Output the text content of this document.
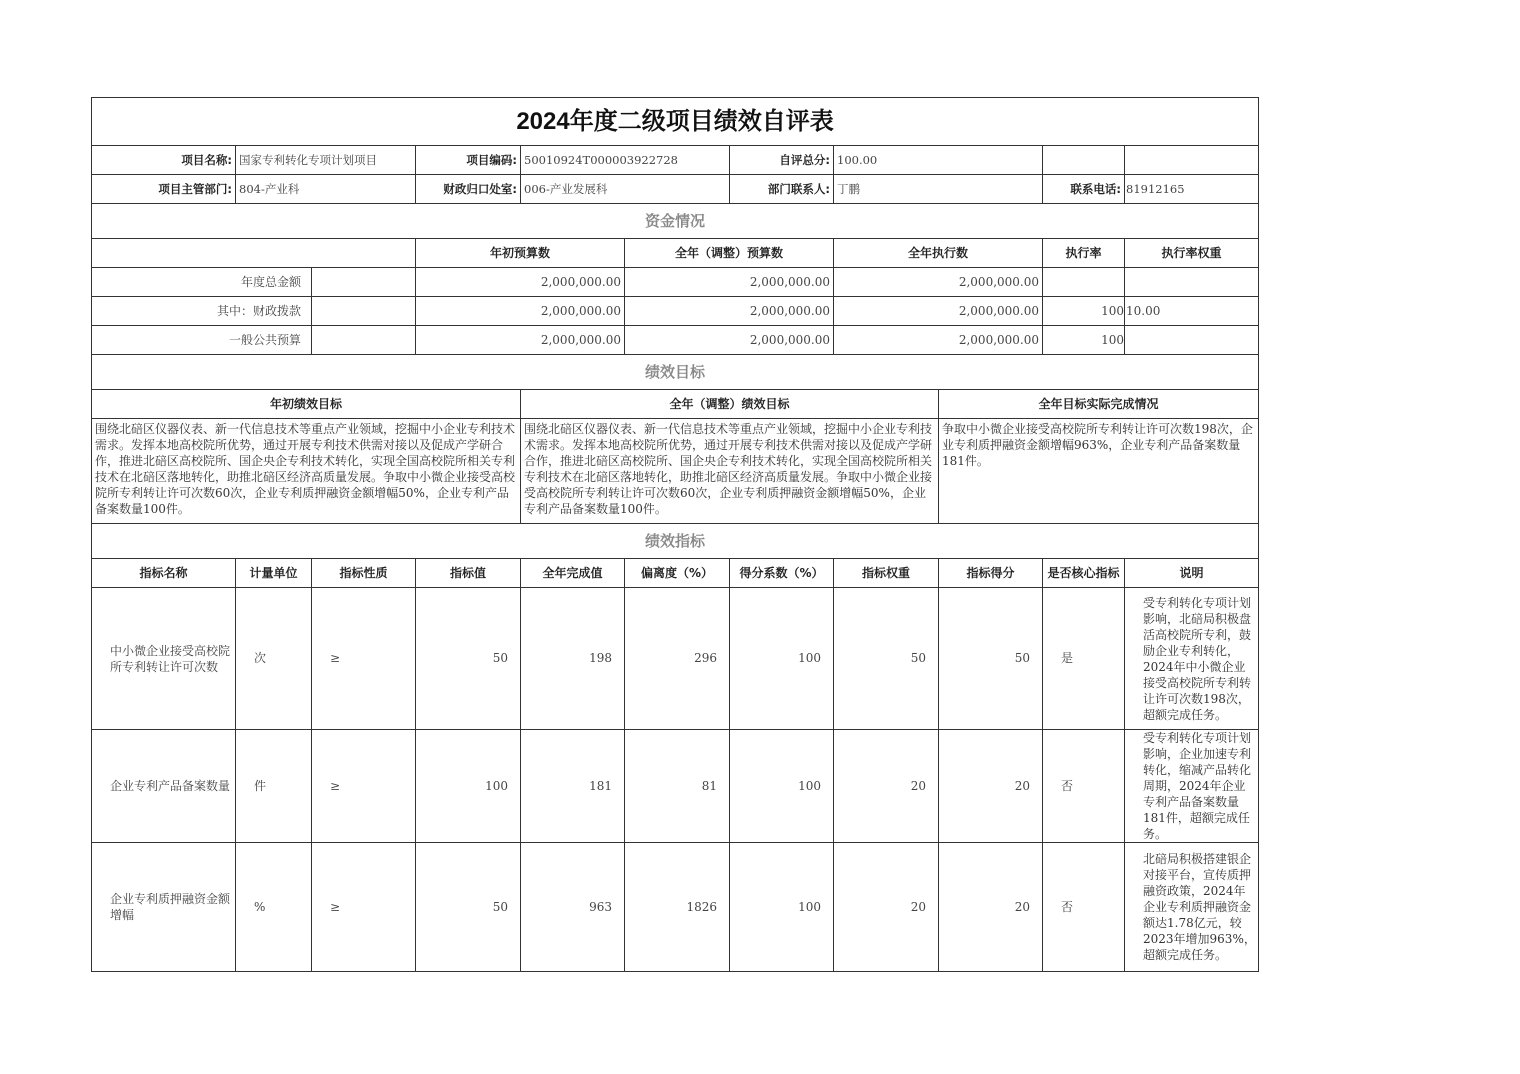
2024年度二级项目绩效自评表											
项目名称:	国家专利转化专项计划项目		项目编码:	50010924T000003922728		自评总分:	100.00				
项目主管部门:	804-产业科		财政归口处室:	006-产业发展科		部门联系人:	丁鹏		联系电话:	81912165	
资金情况											
			年初预算数		全年（调整）预算数		全年执行数		执行率	执行率权重	
年度总金额			2,000,000.00		2,000,000.00		2,000,000.00				
其中：财政拨款			2,000,000.00		2,000,000.00		2,000,000.00		100	10.00	
一般公共预算			2,000,000.00		2,000,000.00		2,000,000.00		100		
绩效目标											
年初绩效目标				全年（调整）绩效目标				全年目标实际完成情况			
围绕北碚区仪器仪表、新一代信息技术等重点产业领域，挖掘中小企业专利技术需求。发挥本地高校院所优势，通过开展专利技术供需对接以及促成产学研合作，推进北碚区高校院所、国企央企专利技术转化，实现全国高校院所相关专利技术在北碚区落地转化，助推北碚区经济高质量发展。争取中小微企业接受高校院所专利转让许可次数60次，企业专利质押融资金额增幅50%，企业专利产品备案数量100件。				围绕北碚区仪器仪表、新一代信息技术等重点产业领域，挖掘中小企业专利技术需求。发挥本地高校院所优势，通过开展专利技术供需对接以及促成产学研合作，推进北碚区高校院所、国企央企专利技术转化，实现全国高校院所相关专利技术在北碚区落地转化，助推北碚区经济高质量发展。争取中小微企业接受高校院所专利转让许可次数60次，企业专利质押融资金额增幅50%，企业专利产品备案数量100件。				争取中小微企业接受高校院所专利转让许可次数198次，企业专利质押融资金额增幅963%，企业专利产品备案数量181件。			
绩效指标											
指标名称	计量单位	指标性质	指标值	全年完成值	偏离度（%）	得分系数（%）	指标权重	指标得分	是否核心指标	说明	
中小微企业接受高校院所专利转让许可次数	次	≥	50	198	296	100	50	50	是	受专利转化专项计划影响，北碚局积极盘活高校院所专利，鼓励企业专利转化，2024年中小微企业接受高校院所专利转让许可次数198次，超额完成任务。	
企业专利产品备案数量	件	≥	100	181	81	100	20	20	否	受专利转化专项计划影响，企业加速专利转化，缩减产品转化周期，2024年企业专利产品备案数量181件，超额完成任务。	
企业专利质押融资金额增幅	%	≥	50	963	1826	100	20	20	否	北碚局积极搭建银企对接平台，宣传质押融资政策，2024年企业专利质押融资金额达1.78亿元，较2023年增加963%，超额完成任务。	
